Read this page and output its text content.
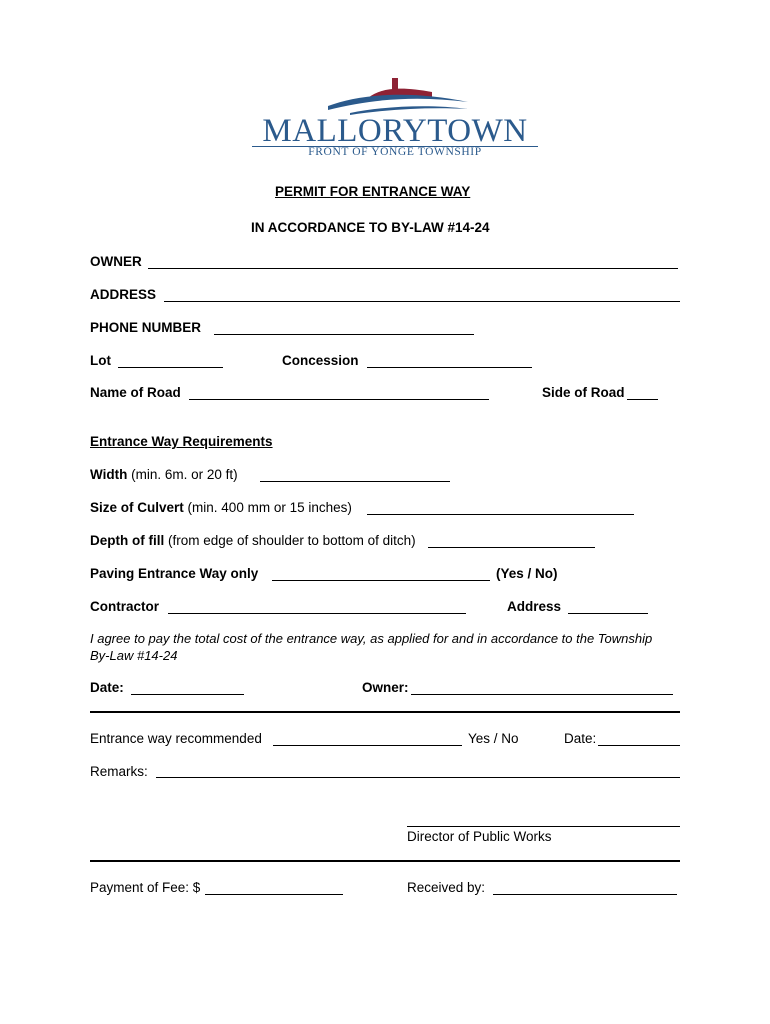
MALLORYTOWN
FRONT OF YONGE TOWNSHIP
PERMIT FOR ENTRANCE WAY
IN ACCORDANCE TO BY-LAW #14-24
OWNER
ADDRESS
PHONE NUMBER
Lot	Concession
Name of Road	Side of Road
Entrance Way Requirements
Width (min. 6m. or 20 ft)
Size of Culvert (min. 400 mm or 15 inches)
Depth of fill (from edge of shoulder to bottom of ditch)
Paving Entrance Way only	(Yes / No)
Contractor	Address
I agree to pay the total cost of the entrance way, as applied for and in accordance to the Township
By-Law #14-24
Date:	Owner:
Entrance way recommended	Yes / No	Date:
Remarks:
Director of Public Works
Payment of Fee: $	Received by:
